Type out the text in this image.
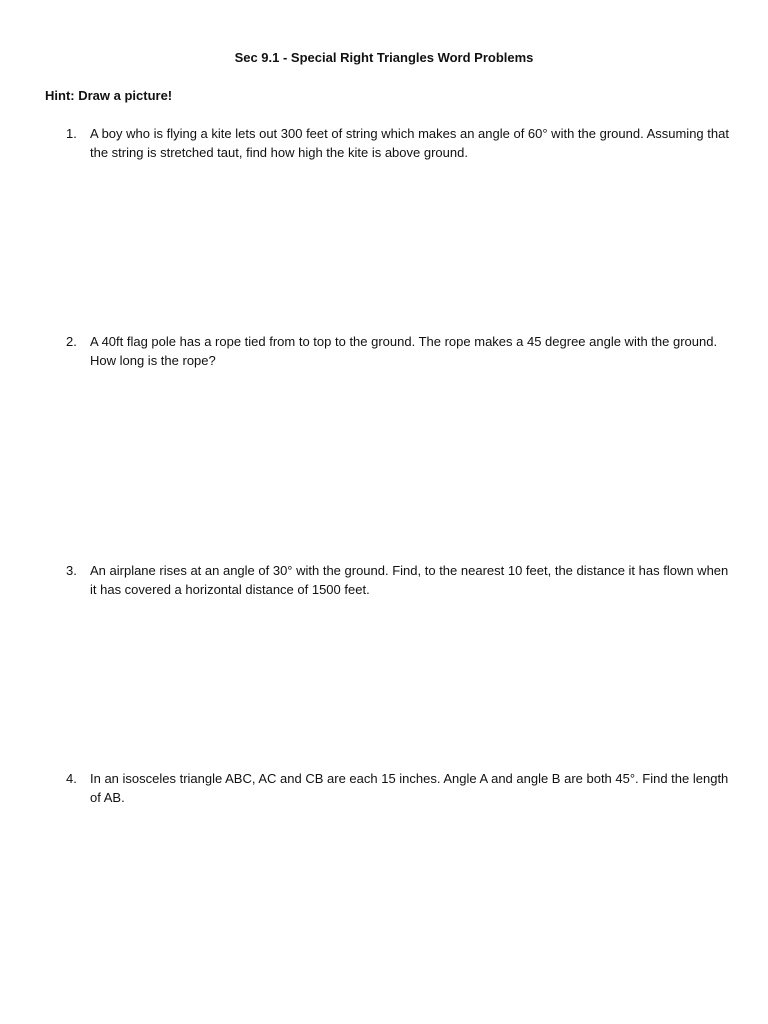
Sec 9.1 - Special Right Triangles Word Problems
Hint: Draw a picture!
1.	A boy who is flying a kite lets out 300 feet of string which makes an angle of 60° with the ground. Assuming that the string is stretched taut, find how high the kite is above ground.
2.	A 40ft flag pole has a rope tied from to top to the ground. The rope makes a 45 degree angle with the ground. How long is the rope?
3.	An airplane rises at an angle of 30° with the ground. Find, to the nearest 10 feet, the distance it has flown when it has covered a horizontal distance of 1500 feet.
4.	In an isosceles triangle ABC, AC and CB are each 15 inches. Angle A and angle B are both 45°. Find the length of AB.
